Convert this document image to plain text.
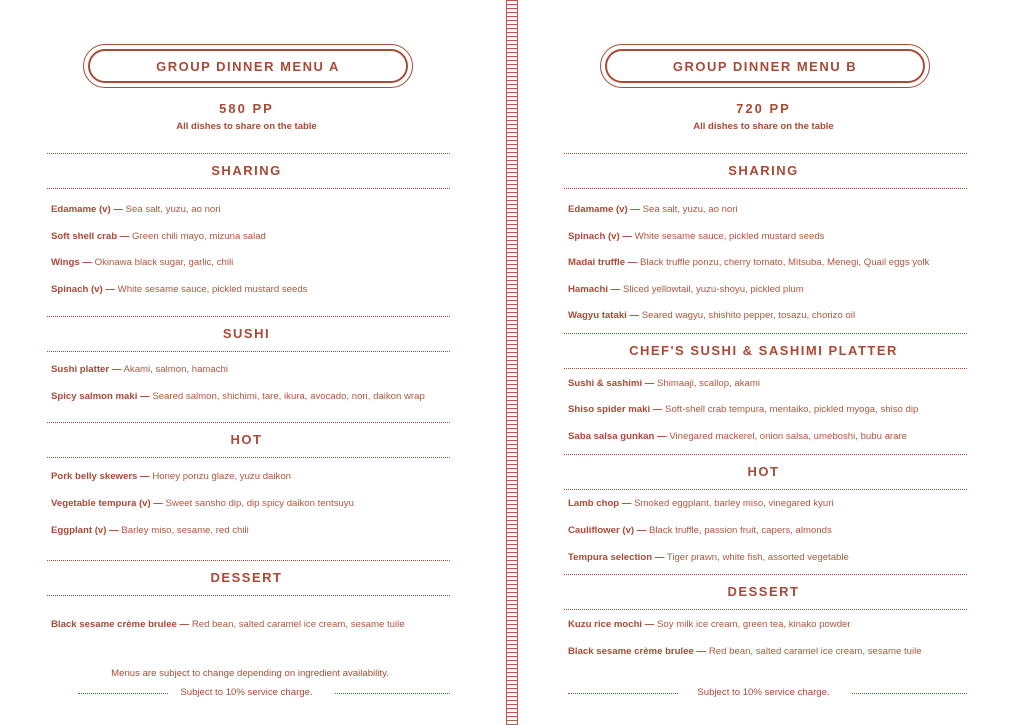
GROUP DINNER MENU A
580 PP
All dishes to share on the table
SHARING
Edamame (v) — Sea salt, yuzu, ao nori
Soft shell crab — Green chili mayo, mizuna salad
Wings — Okinawa black sugar, garlic, chili
Spinach (v) — White sesame sauce, pickled mustard seeds
SUSHI
Sushi platter — Akami, salmon, hamachi
Spicy salmon maki — Seared salmon, shichimi, tare, ikura, avocado, nori, daikon wrap
HOT
Pork belly skewers — Honey ponzu glaze, yuzu daikon
Vegetable tempura (v) — Sweet sansho dip, dip spicy daikon tentsuyu
Eggplant (v) — Barley miso, sesame, red chili
DESSERT
Black sesame crème brulee — Red bean, salted caramel ice cream, sesame tuile
Menus are subject to change depending on ingredient availability.
Subject to 10% service charge.
GROUP DINNER MENU B
720 PP
All dishes to share on the table
SHARING
Edamame (v) — Sea salt, yuzu, ao nori
Spinach (v) — White sesame sauce, pickled mustard seeds
Madai truffle — Black truffle ponzu, cherry tomato, Mitsuba, Menegi, Quail eggs yolk
Hamachi — Sliced yellowtail, yuzu-shoyu, pickled plum
Wagyu tataki — Seared wagyu, shishito pepper, tosazu, chorizo oil
CHEF'S SUSHI & SASHIMI PLATTER
Sushi & sashimi — Shimaaji, scallop, akami
Shiso spider maki — Soft-shell crab tempura, mentaiko, pickled myoga, shiso dip
Saba salsa gunkan — Vinegared mackerel, onion salsa, umeboshi, bubu arare
HOT
Lamb chop — Smoked eggplant, barley miso, vinegared kyuri
Cauliflower (v) — Black truffle, passion fruit, capers, almonds
Tempura selection — Tiger prawn, white fish, assorted vegetable
DESSERT
Kuzu rice mochi — Soy milk ice cream, green tea, kinako powder
Black sesame crème brulee — Red bean, salted caramel ice cream, sesame tuile
Subject to 10% service charge.
